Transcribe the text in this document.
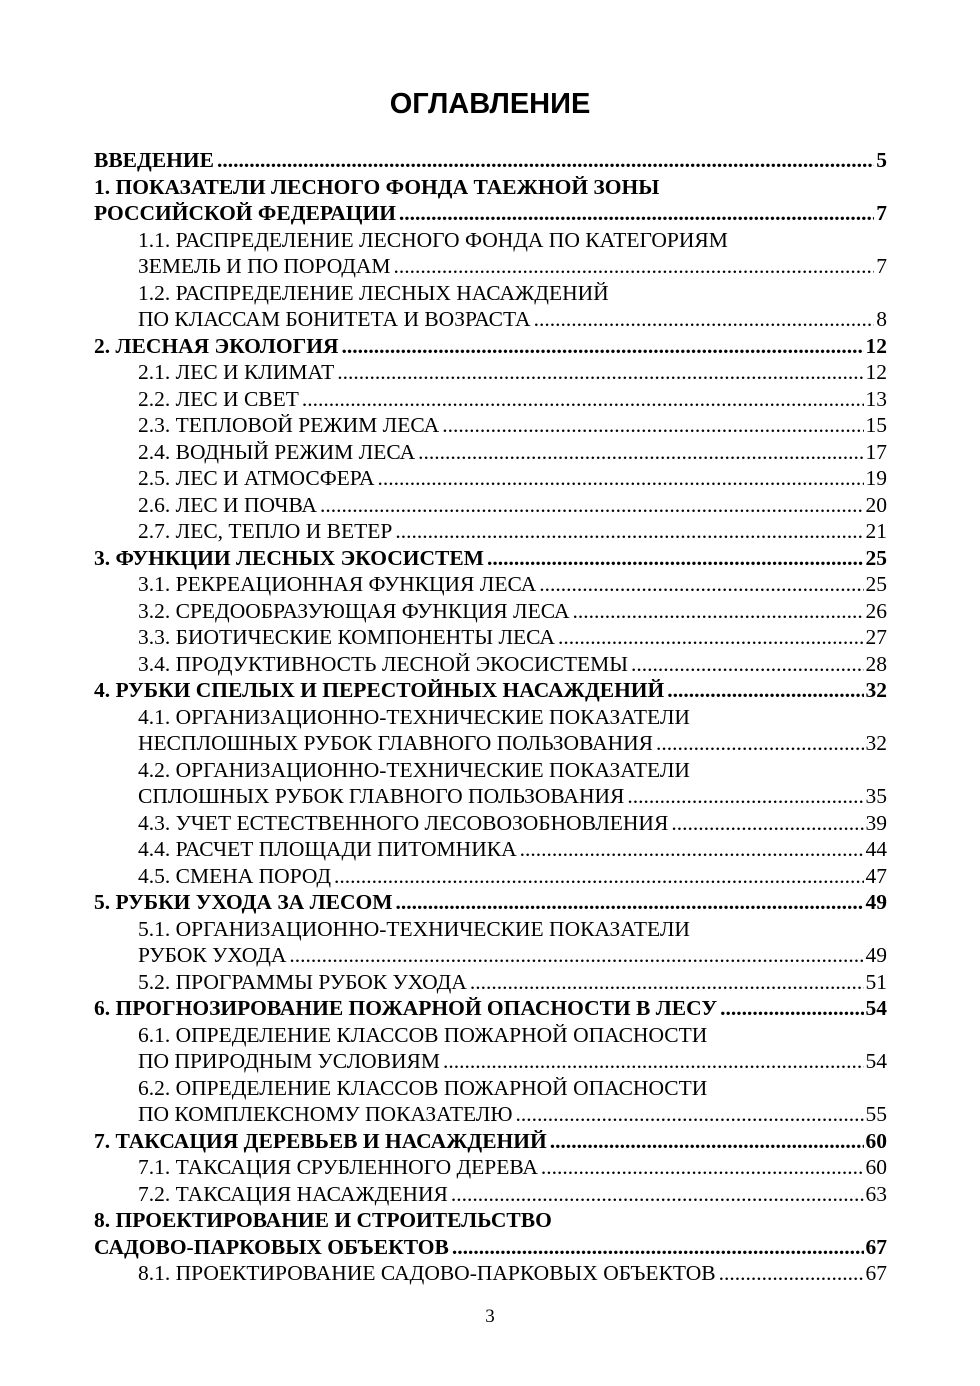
ОГЛАВЛЕНИЕ
ВВЕДЕНИЕ .....	5
1. ПОКАЗАТЕЛИ ЛЕСНОГО ФОНДА ТАЕЖНОЙ ЗОНЫ
РОССИЙСКОЙ ФЕДЕРАЦИИ .....	7
1.1. РАСПРЕДЕЛЕНИЕ ЛЕСНОГО ФОНДА ПО КАТЕГОРИЯМ
ЗЕМЕЛЬ И ПО ПОРОДАМ .....	7
1.2. РАСПРЕДЕЛЕНИЕ ЛЕСНЫХ НАСАЖДЕНИЙ
ПО КЛАССАМ БОНИТЕТА И ВОЗРАСТА .....	8
2. ЛЕСНАЯ ЭКОЛОГИЯ .....	12
2.1. ЛЕС И КЛИМАТ .....	12
2.2. ЛЕС И СВЕТ .....	13
2.3. ТЕПЛОВОЙ РЕЖИМ ЛЕСА .....	15
2.4. ВОДНЫЙ РЕЖИМ ЛЕСА .....	17
2.5. ЛЕС И АТМОСФЕРА .....	19
2.6. ЛЕС И ПОЧВА .....	20
2.7. ЛЕС, ТЕПЛО И ВЕТЕР .....	21
3. ФУНКЦИИ ЛЕСНЫХ ЭКОСИСТЕМ .....	25
3.1. РЕКРЕАЦИОННАЯ ФУНКЦИЯ ЛЕСА .....	25
3.2. СРЕДООБРАЗУЮЩАЯ ФУНКЦИЯ ЛЕСА .....	26
3.3. БИОТИЧЕСКИЕ КОМПОНЕНТЫ ЛЕСА .....	27
3.4. ПРОДУКТИВНОСТЬ ЛЕСНОЙ ЭКОСИСТЕМЫ .....	28
4. РУБКИ СПЕЛЫХ И ПЕРЕСТОЙНЫХ НАСАЖДЕНИЙ .....	32
4.1. ОРГАНИЗАЦИОННО-ТЕХНИЧЕСКИЕ ПОКАЗАТЕЛИ
НЕСПЛОШНЫХ РУБОК ГЛАВНОГО ПОЛЬЗОВАНИЯ .....	32
4.2. ОРГАНИЗАЦИОННО-ТЕХНИЧЕСКИЕ ПОКАЗАТЕЛИ
СПЛОШНЫХ РУБОК ГЛАВНОГО ПОЛЬЗОВАНИЯ .....	35
4.3. УЧЕТ ЕСТЕСТВЕННОГО ЛЕСОВОЗОБНОВЛЕНИЯ .....	39
4.4. РАСЧЕТ ПЛОЩАДИ ПИТОМНИКА .....	44
4.5. СМЕНА ПОРОД .....	47
5. РУБКИ УХОДА ЗА ЛЕСОМ .....	49
5.1. ОРГАНИЗАЦИОННО-ТЕХНИЧЕСКИЕ ПОКАЗАТЕЛИ
РУБОК УХОДА .....	49
5.2. ПРОГРАММЫ РУБОК УХОДА .....	51
6. ПРОГНОЗИРОВАНИЕ ПОЖАРНОЙ ОПАСНОСТИ В ЛЕСУ .....	54
6.1. ОПРЕДЕЛЕНИЕ КЛАССОВ ПОЖАРНОЙ ОПАСНОСТИ
ПО ПРИРОДНЫМ УСЛОВИЯМ .....	54
6.2. ОПРЕДЕЛЕНИЕ КЛАССОВ ПОЖАРНОЙ ОПАСНОСТИ
ПО КОМПЛЕКСНОМУ ПОКАЗАТЕЛЮ .....	55
7. ТАКСАЦИЯ ДЕРЕВЬЕВ И НАСАЖДЕНИЙ .....	60
7.1. ТАКСАЦИЯ СРУБЛЕННОГО ДЕРЕВА .....	60
7.2. ТАКСАЦИЯ НАСАЖДЕНИЯ .....	63
8. ПРОЕКТИРОВАНИЕ И СТРОИТЕЛЬСТВО
САДОВО-ПАРКОВЫХ ОБЪЕКТОВ .....	67
8.1. ПРОЕКТИРОВАНИЕ САДОВО-ПАРКОВЫХ ОБЪЕКТОВ .....	67
3
